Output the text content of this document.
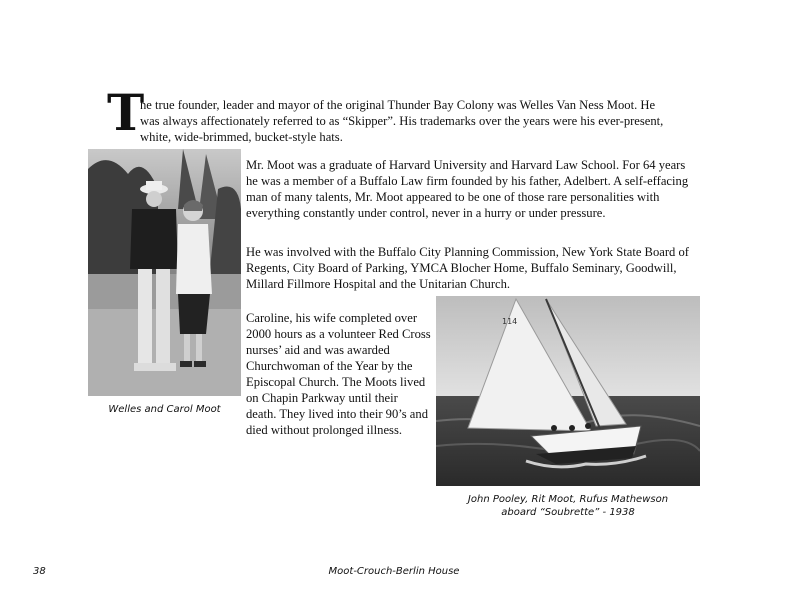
T

he true founder, leader and mayor of the original Thunder Bay Colony was Welles Van Ness Moot. He

was always affectionately referred to as “Skipper”. His trademarks over the years were his ever-present,

white, wide-brimmed, bucket-style hats.

Mr. Moot was a graduate of Harvard University and Harvard Law School. For 64 years he was a member of a Buffalo Law firm founded by his father, Adelbert. A self-effacing man of many talents, Mr. Moot appeared to be one of those rare personalities with everything constantly under control, never in a hurry or under pressure.

He was involved with the Buffalo City Planning Commission, New York State Board of Regents, City Board of Parking, YMCA Blocher Home, Buffalo Seminary, Goodwill, Millard Fillmore Hospital and the Unitarian Church.

Caroline, his wife completed over 2000 hours as a volunteer Red Cross nurses’ aid and was awarded Churchwoman of the Year by the Episcopal Church. The Moots lived on Chapin Parkway until their death. They lived into their 90’s and died without prolonged illness.

114
Welles and Carol Moot
John Pooley, Rit Moot, Rufus Mathewson
aboard “Soubrette” - 1938
38	Moot-Crouch-Berlin House
